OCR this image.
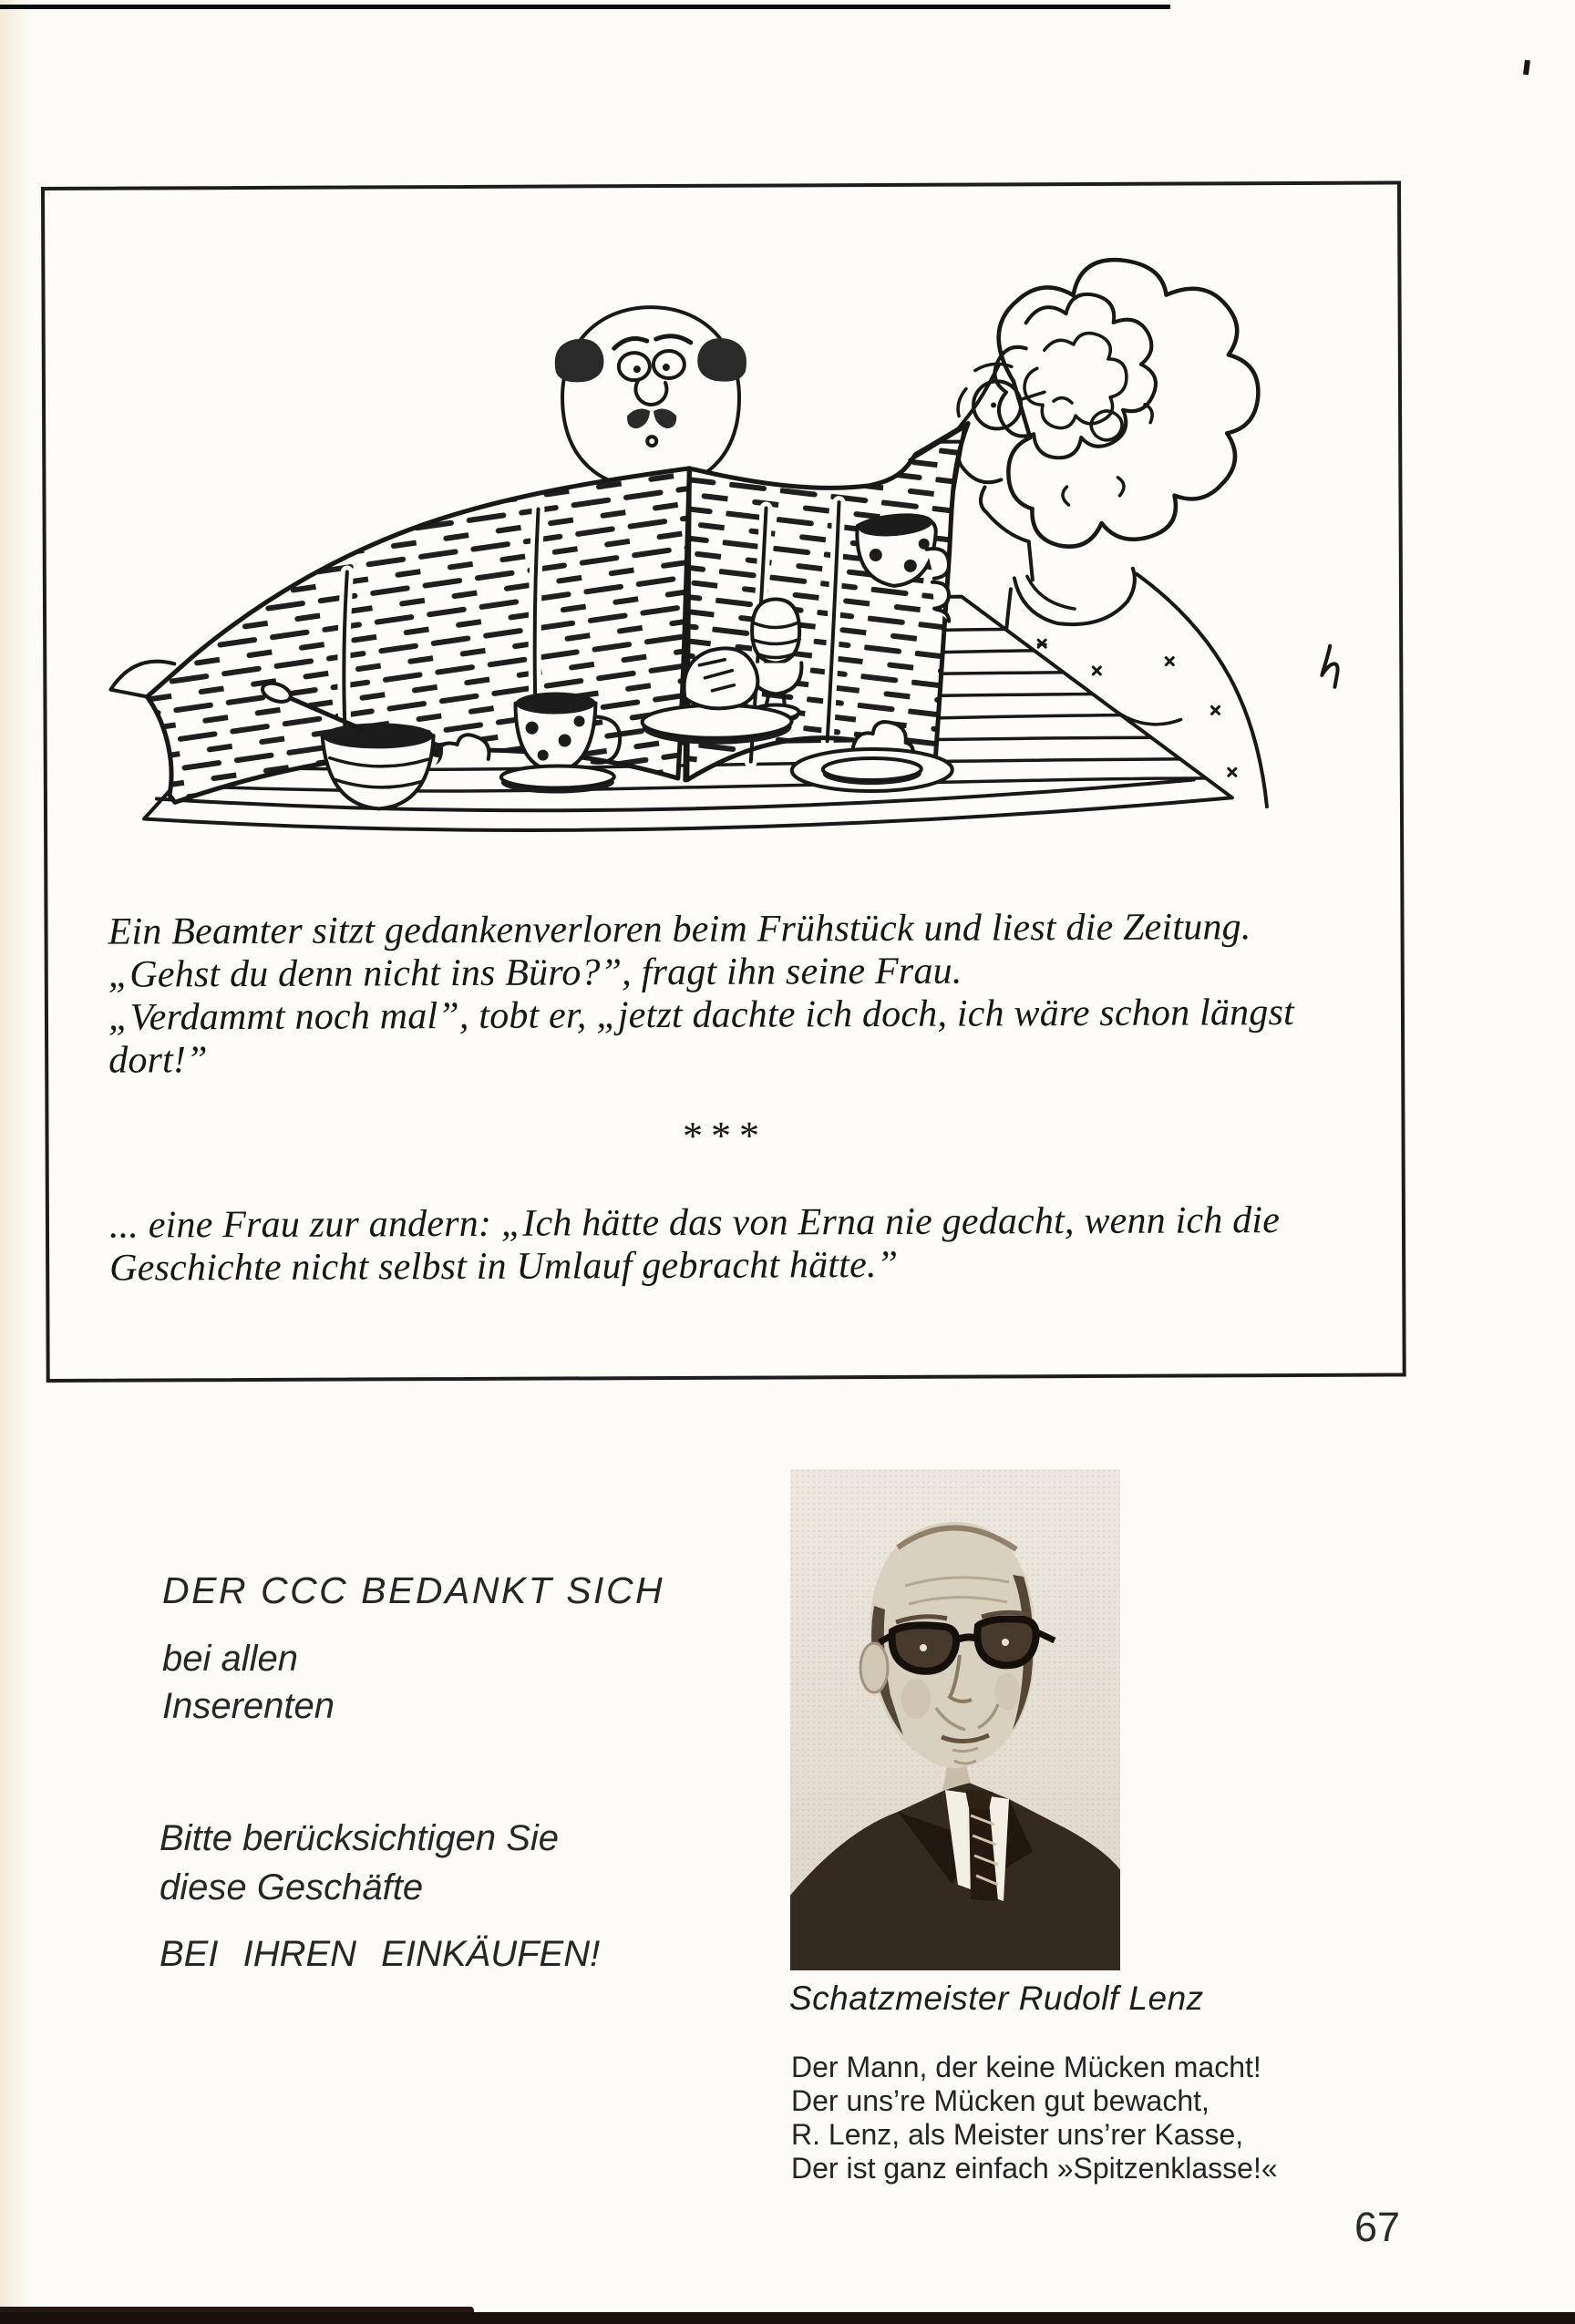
Ein Beamter sitzt gedankenverloren beim Frühstück und liest die Zeitung.
„Gehst du denn nicht ins Büro?”, fragt ihn seine Frau.
„Verdammt noch mal”, tobt er, „jetzt dachte ich doch, ich wäre schon längst
dort!”
***
... eine Frau zur andern: „Ich hätte das von Erna nie gedacht, wenn ich die
Geschichte nicht selbst in Umlauf gebracht hätte.”
DER CCC BEDANKT SICH
bei allen
Inserenten
Bitte berücksichtigen Sie
diese Geschäfte
BEI IHREN EINKÄUFEN!
Schatzmeister Rudolf Lenz
Der Mann, der keine Mücken macht!
Der uns’re Mücken gut bewacht,
R. Lenz, als Meister uns’rer Kasse,
Der ist ganz einfach »Spitzenklasse!«
67
